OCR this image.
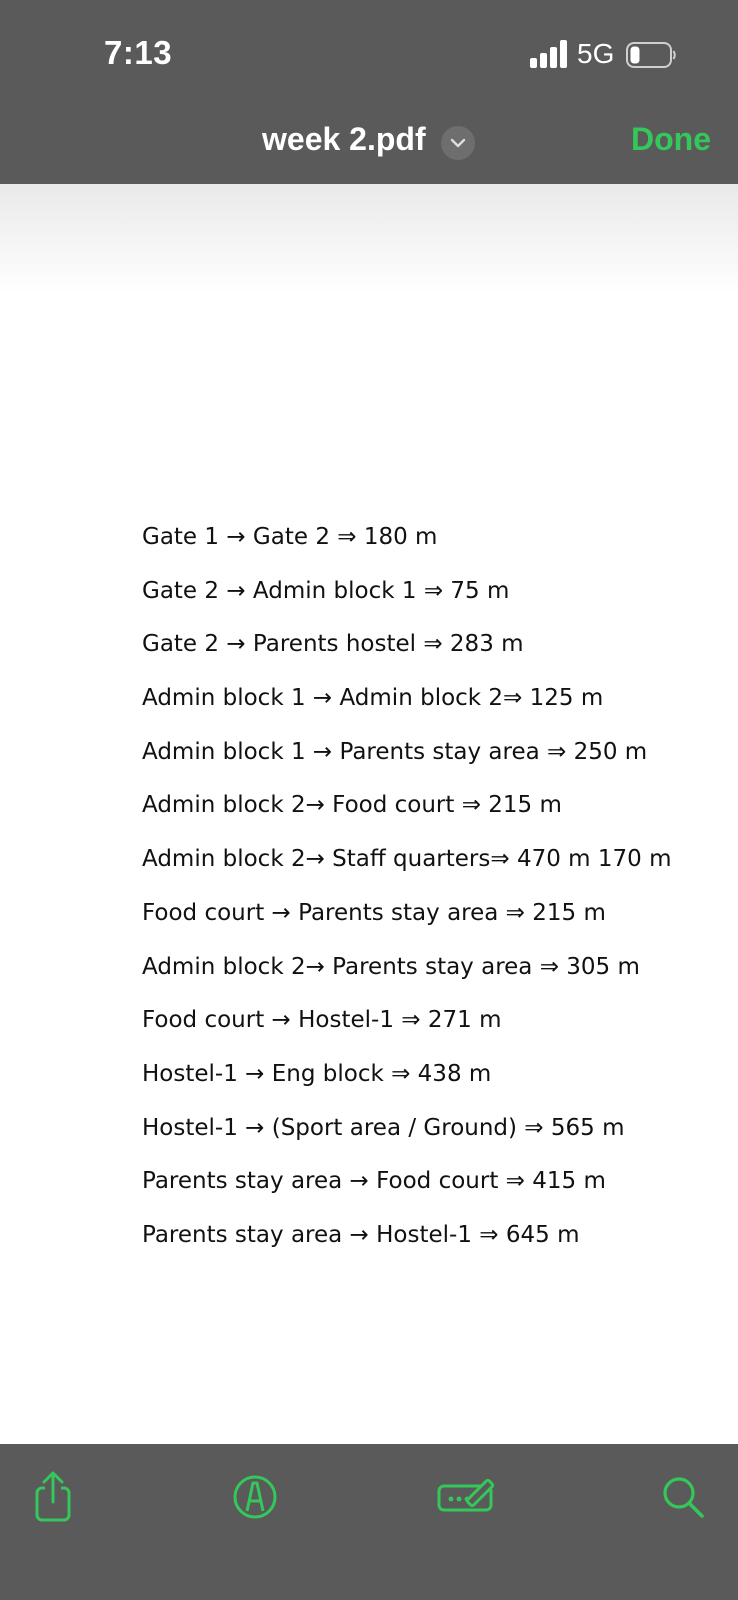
7:13	5G
week 2.pdf	Done
Gate 1 → Gate 2 ⇒ 180 m
Gate 2 → Admin block 1 ⇒ 75 m
Gate 2 → Parents hostel ⇒ 283 m
Admin block 1 → Admin block 2⇒ 125 m
Admin block 1 → Parents stay area ⇒ 250 m
Admin block 2→ Food court ⇒ 215 m
Admin block 2→ Staff quarters⇒ 470 m 170 m
Food court → Parents stay area ⇒ 215 m
Admin block 2→ Parents stay area ⇒ 305 m
Food court → Hostel-1 ⇒ 271 m
Hostel-1 → Eng block ⇒ 438 m
Hostel-1 → (Sport area / Ground) ⇒ 565 m
Parents stay area → Food court ⇒ 415 m
Parents stay area → Hostel-1 ⇒ 645 m
